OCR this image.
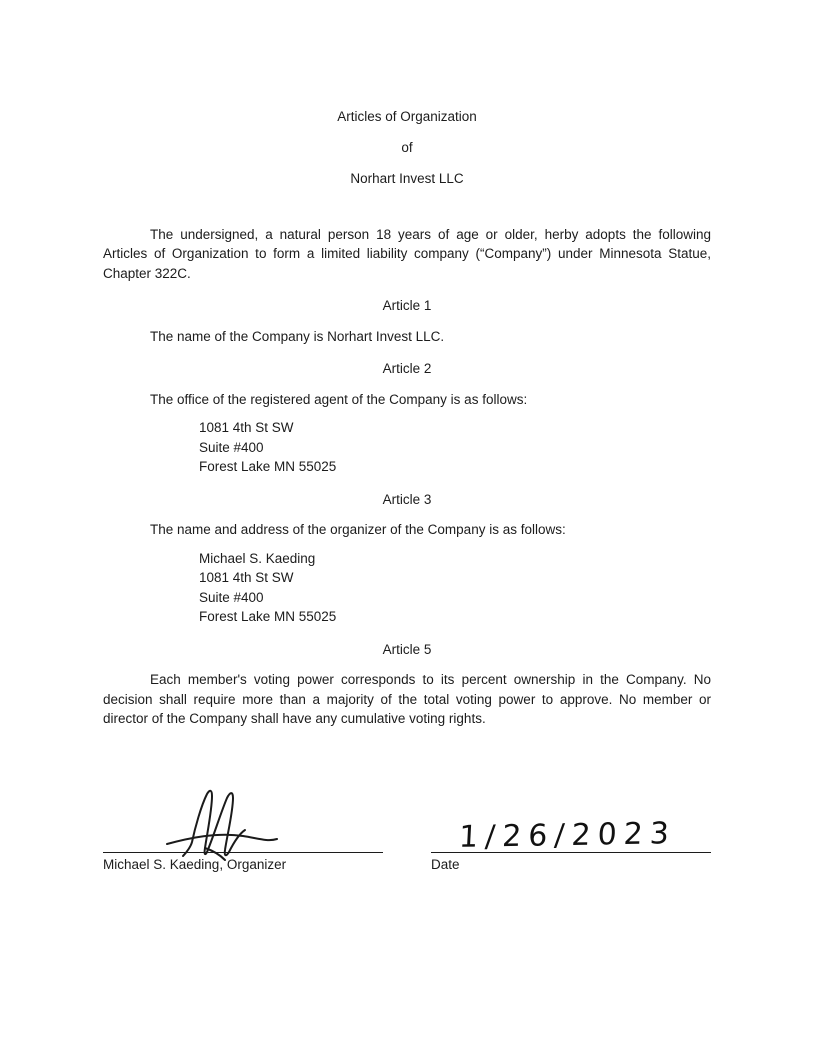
Articles of Organization
of
Norhart Invest LLC

The undersigned, a natural person 18 years of age or older, herby adopts the following Articles of Organization to form a limited liability company (“Company”) under Minnesota Statue, Chapter 322C.

Article 1
The name of the Company is Norhart Invest LLC.
Article 2
The office of the registered agent of the Company is as follows:
1081 4th St SW
Suite #400
Forest Lake MN 55025
Article 3
The name and address of the organizer of the Company is as follows:
Michael S. Kaeding
1081 4th St SW
Suite #400
Forest Lake MN 55025
Article 5

Each member's voting power corresponds to its percent ownership in the Company. No decision shall require more than a majority of the total voting power to approve. No member or director of the Company shall have any cumulative voting rights.

Michael S. Kaeding, Organizer
1/26/2023
Date
